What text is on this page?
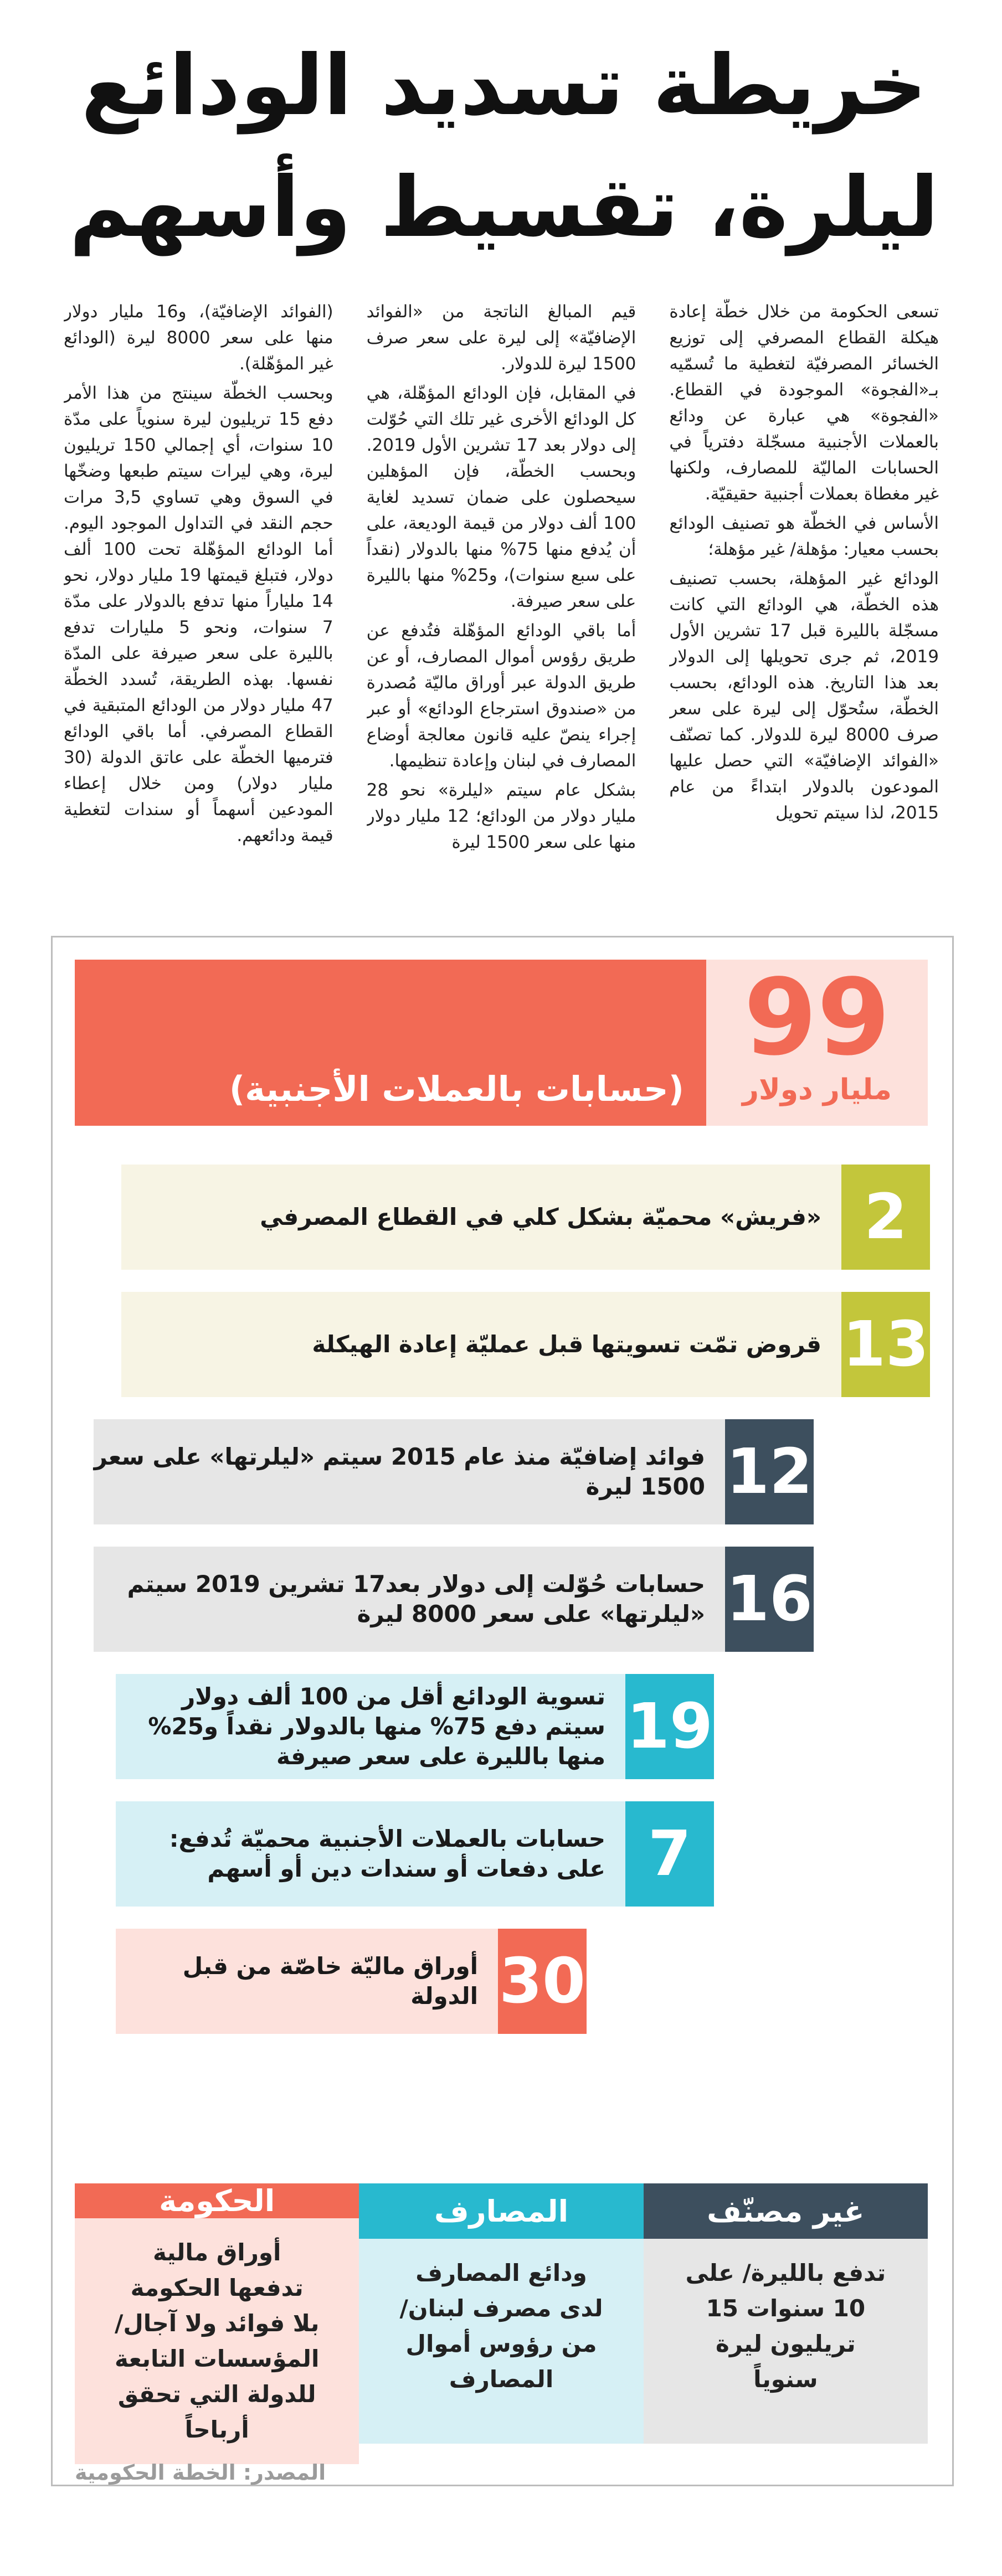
خريطة تسديد الودائع
ليلرة، تقسيط وأسهم

تسعى الحكومة من خلال خطّة إعادة هيكلة القطاع المصرفي إلى توزيع الخسائر المصرفيّة لتغطية ما تُسمّيه بـ«الفجوة» الموجودة في القطاع. «الفجوة» هي عبارة عن ودائع بالعملات الأجنبية مسجّلة دفترياً في الحسابات الماليّة للمصارف، ولكنها غير مغطاة بعملات أجنبية حقيقيّة.

الأساس في الخطّة هو تصنيف الودائع بحسب معيار: مؤهلة/ غير مؤهلة؛

الودائع غير المؤهلة، بحسب تصنيف هذه الخطّة، هي الودائع التي كانت مسجّلة بالليرة قبل 17 تشرين الأول 2019، ثم جرى تحويلها إلى الدولار بعد هذا التاريخ. هذه الودائع، بحسب الخطّة، ستُحوّل إلى ليرة على سعر صرف 8000 ليرة للدولار. كما تصنّف «الفوائد الإضافيّة» التي حصل عليها المودعون بالدولار ابتداءً من عام 2015، لذا سيتم تحويل

قيم المبالغ الناتجة من «الفوائد الإضافيّة» إلى ليرة على سعر صرف 1500 ليرة للدولار.

في المقابل، فإن الودائع المؤهّلة، هي كل الودائع الأخرى غير تلك التي حُوّلت إلى دولار بعد 17 تشرين الأول 2019. وبحسب الخطّة، فإن المؤهلين سيحصلون على ضمان تسديد لغاية 100 ألف دولار من قيمة الوديعة، على أن يُدفع منها 75% منها بالدولار (نقداً على سبع سنوات)، و25% منها بالليرة على سعر صيرفة.

أما باقي الودائع المؤهّلة فتُدفع عن طريق رؤوس أموال المصارف، أو عن طريق الدولة عبر أوراق ماليّة مُصدرة من «صندوق استرجاع الودائع» أو عبر إجراء ينصّ عليه قانون معالجة أوضاع المصارف في لبنان وإعادة تنظيمها.

بشكل عام سيتم «ليلرة» نحو 28 مليار دولار من الودائع؛ 12 مليار دولار منها على سعر 1500 ليرة

(الفوائد الإضافيّة)، و16 مليار دولار منها على سعر 8000 ليرة (الودائع غير المؤهّلة).

وبحسب الخطّة سينتج من هذا الأمر دفع 15 تريليون ليرة سنوياً على مدّة 10 سنوات، أي إجمالي 150 تريليون ليرة، وهي ليرات سيتم طبعها وضخّها في السوق وهي تساوي 3,5 مرات حجم النقد في التداول الموجود اليوم. أما الودائع المؤهّلة تحت 100 ألف دولار، فتبلغ قيمتها 19 مليار دولار، نحو 14 ملياراً منها تدفع بالدولار على مدّة 7 سنوات، ونحو 5 مليارات تدفع بالليرة على سعر صيرفة على المدّة نفسها. بهذه الطريقة، تُسدد الخطّة 47 مليار دولار من الودائع المتبقية في القطاع المصرفي. أما باقي الودائع فترميها الخطّة على عاتق الدولة (30 مليار دولار) ومن خلال إعطاء المودعين أسهماً أو سندات لتغطية قيمة ودائعهم.

99
مليار دولار
(حسابات بالعملات الأجنبية)
2
«فريش» محميّة بشكل كلي في القطاع المصرفي
13
قروض تمّت تسويتها قبل عمليّة إعادة الهيكلة
12
فوائد إضافيّة منذ عام 2015 سيتم «ليلرتها» على سعر 1500 ليرة
16
حسابات حُوّلت إلى دولار بعد17 تشرين 2019 سيتم «ليلرتها» على سعر 8000 ليرة
19
تسوية الودائع أقل من 100 ألف دولار سيتم دفع 75% منها بالدولار نقداً و25% منها بالليرة على سعر صيرفة
7
حسابات بالعملات الأجنبية محميّة تُدفع: على دفعات أو سندات دين أو أسهم
30
أوراق ماليّة خاصّة من قبل الدولة
غير مصنّف
تدفع بالليرة/ على 10 سنوات 15 تريليون ليرة سنوياً
المصارف
ودائع المصارف لدى مصرف لبنان/ من رؤوس أموال المصارف
الحكومة
أوراق مالية تدفعها الحكومة بلا فوائد ولا آجال/ المؤسسات التابعة للدولة التي تحقق أرباحاً
المصدر: الخطة الحكومية
